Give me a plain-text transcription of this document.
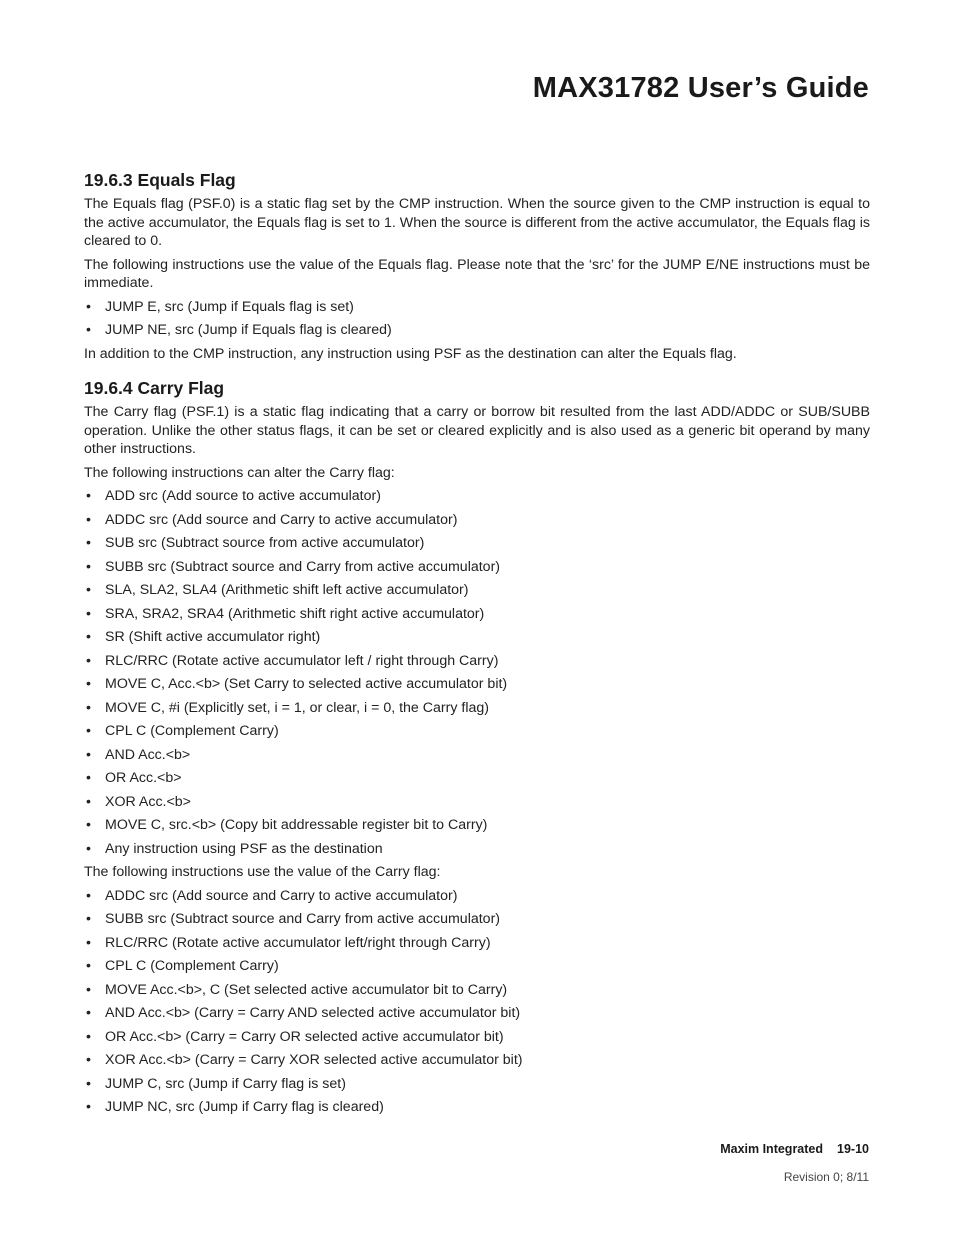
MAX31782 User’s Guide
19.6.3 Equals Flag

The Equals flag (PSF.0) is a static flag set by the CMP instruction. When the source given to the CMP instruction is equal to the active accumulator, the Equals flag is set to 1. When the source is different from the active accumulator, the Equals flag is cleared to 0.

The following instructions use the value of the Equals flag. Please note that the ‘src’ for the JUMP E/NE instructions must be immediate.

• JUMP E, src (Jump if Equals flag is set)
• JUMP NE, src (Jump if Equals flag is cleared)

In addition to the CMP instruction, any instruction using PSF as the destination can alter the Equals flag.

19.6.4 Carry Flag

The Carry flag (PSF.1) is a static flag indicating that a carry or borrow bit resulted from the last ADD/ADDC or SUB/SUBB operation. Unlike the other status flags, it can be set or cleared explicitly and is also used as a generic bit operand by many other instructions.

The following instructions can alter the Carry flag:

• ADD src (Add source to active accumulator)
• ADDC src (Add source and Carry to active accumulator)
• SUB src (Subtract source from active accumulator)
• SUBB src (Subtract source and Carry from active accumulator)
• SLA, SLA2, SLA4 (Arithmetic shift left active accumulator)
• SRA, SRA2, SRA4 (Arithmetic shift right active accumulator)
• SR (Shift active accumulator right)
• RLC/RRC (Rotate active accumulator left / right through Carry)
• MOVE C, Acc.<b> (Set Carry to selected active accumulator bit)
• MOVE C, #i (Explicitly set, i = 1, or clear, i = 0, the Carry flag)
• CPL C (Complement Carry)
• AND Acc.<b>
• OR Acc.<b>
• XOR Acc.<b>
• MOVE C, src.<b> (Copy bit addressable register bit to Carry)
• Any instruction using PSF as the destination

The following instructions use the value of the Carry flag:

• ADDC src (Add source and Carry to active accumulator)
• SUBB src (Subtract source and Carry from active accumulator)
• RLC/RRC (Rotate active accumulator left/right through Carry)
• CPL C (Complement Carry)
• MOVE Acc.<b>, C (Set selected active accumulator bit to Carry)
• AND Acc.<b> (Carry = Carry AND selected active accumulator bit)
• OR Acc.<b> (Carry = Carry OR selected active accumulator bit)
• XOR Acc.<b> (Carry = Carry XOR selected active accumulator bit)
• JUMP C, src (Jump if Carry flag is set)
• JUMP NC, src (Jump if Carry flag is cleared)

Maxim Integrated 19-10

Revision 0; 8/11
